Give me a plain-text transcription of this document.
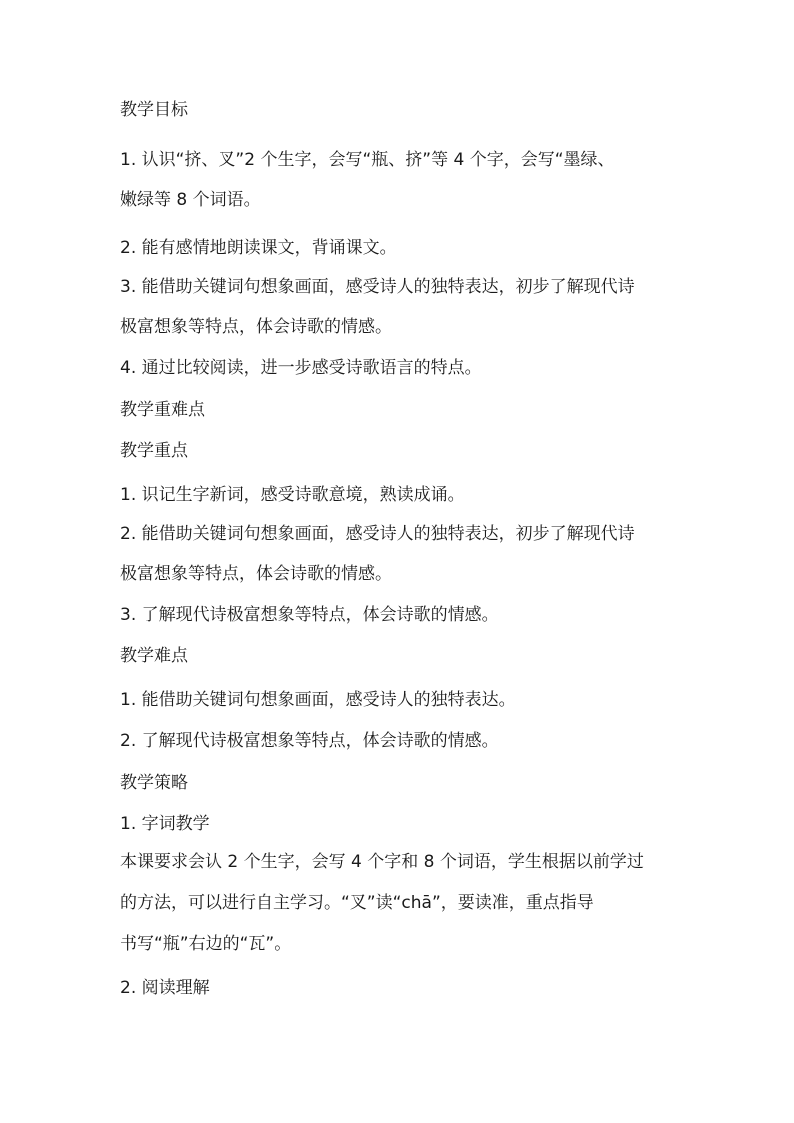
教学目标

1. 认识“挤、叉”2 个生字，会写“瓶、挤”等 4 个字，会写“墨绿、

嫩绿等 8 个词语。

2. 能有感情地朗读课文，背诵课文。

3. 能借助关键词句想象画面，感受诗人的独特表达，初步了解现代诗

极富想象等特点，体会诗歌的情感。

4. 通过比较阅读，进一步感受诗歌语言的特点。

教学重难点

教学重点

1. 识记生字新词，感受诗歌意境，熟读成诵。

2. 能借助关键词句想象画面，感受诗人的独特表达，初步了解现代诗

极富想象等特点，体会诗歌的情感。

3. 了解现代诗极富想象等特点，体会诗歌的情感。

教学难点

1. 能借助关键词句想象画面，感受诗人的独特表达。

2. 了解现代诗极富想象等特点，体会诗歌的情感。

教学策略

1. 字词教学

本课要求会认 2 个生字，会写 4 个字和 8 个词语，学生根据以前学过

的方法，可以进行自主学习。“叉”读“chā”，要读准，重点指导

书写“瓶”右边的“瓦”。

2. 阅读理解
